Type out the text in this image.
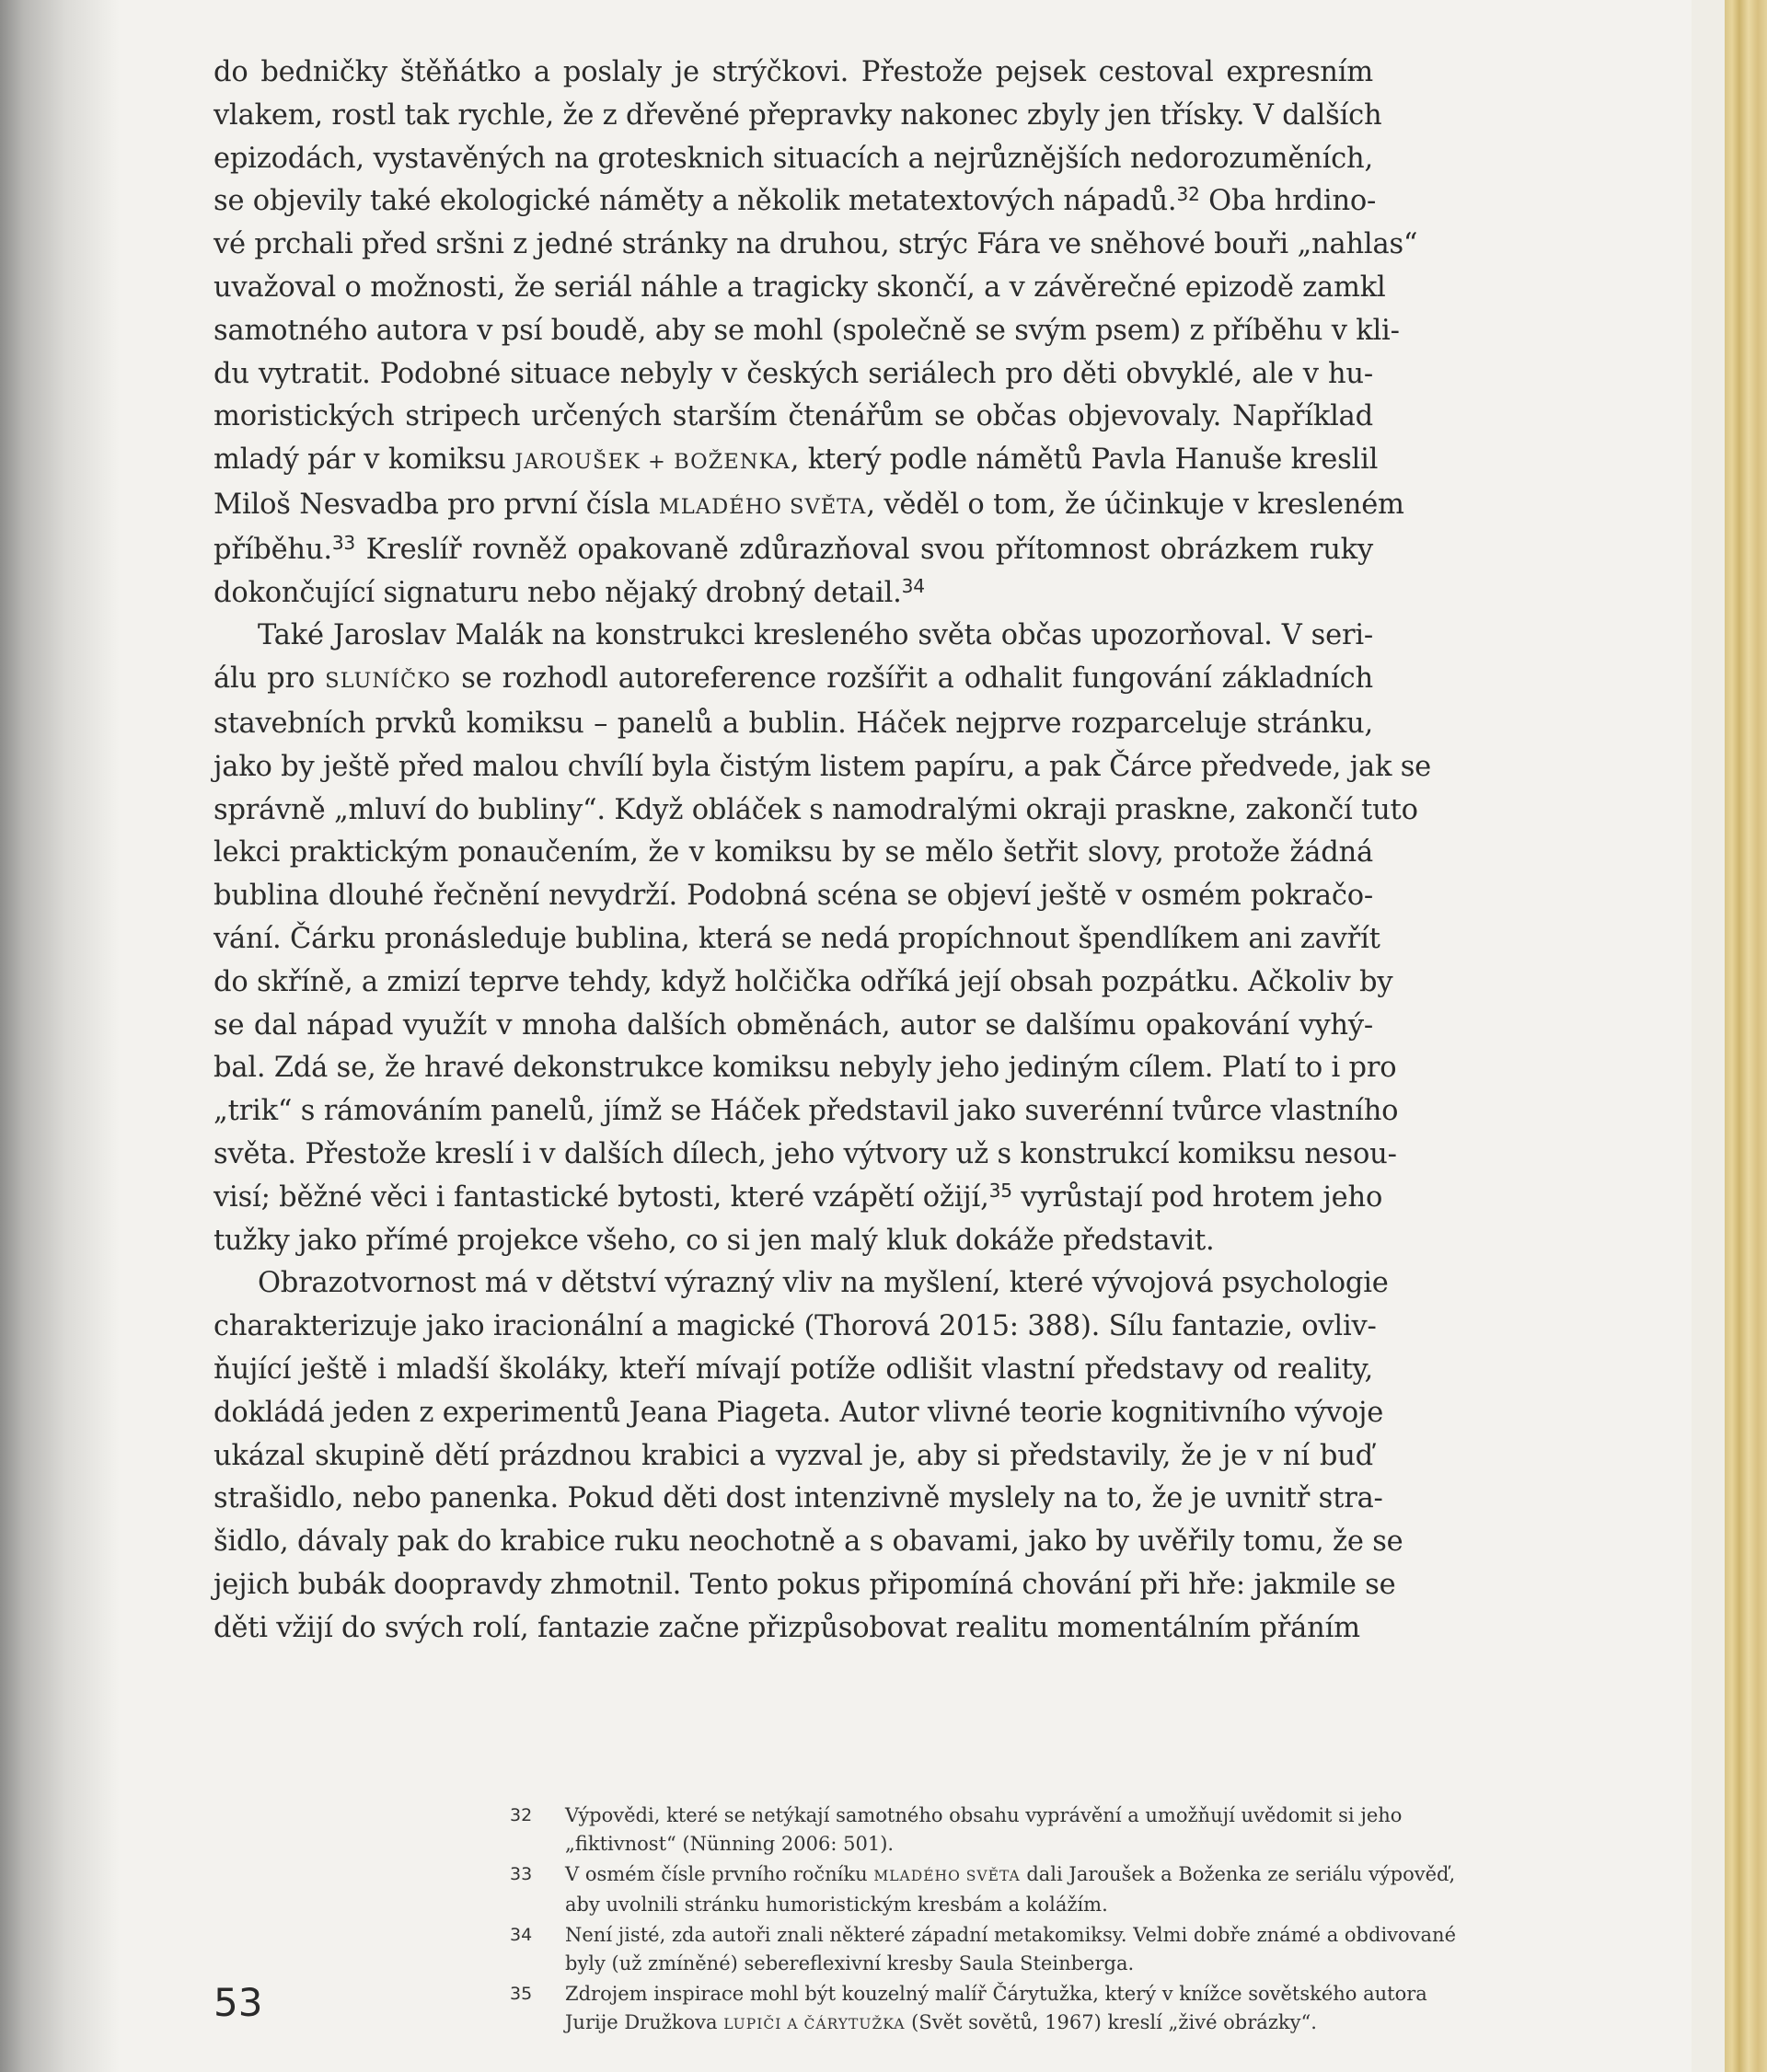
do bedničky štěňátko a poslaly je strýčkovi. Přestože pejsek cestoval expresním
vlakem, rostl tak rychle, že z dřevěné přepravky nakonec zbyly jen třísky. V dalších
epizodách, vystavěných na grotesknich situacích a nejrůznějších nedorozuměních,
se objevily také ekologické náměty a několik metatextových nápadů.$^{32}$ Oba hrdino-
vé prchali před sršni z jedné stránky na druhou, strýc Fára ve sněhové bouři „nahlas“
uvažoval o možnosti, že seriál náhle a tragicky skončí, a v závěrečné epizodě zamkl
samotného autora v psí boudě, aby se mohl (společně se svým psem) z příběhu v kli-
du vytratit. Podobné situace nebyly v českých seriálech pro děti obvyklé, ale v hu-
moristických stripech určených starším čtenářům se občas objevovaly. Například
mladý pár v komiksu JAROUŠEK + BOŽENKA, který podle námětů Pavla Hanuše kreslil
Miloš Nesvadba pro první čísla MLADÉHO SVĚTA, věděl o tom, že účinkuje v kresleném
příběhu.$^{33}$ Kreslíř rovněž opakovaně zdůrazňoval svou přítomnost obrázkem ruky
dokončující signaturu nebo nějaký drobný detail.$^{34}$
Také Jaroslav Malák na konstrukci kresleného světa občas upozorňoval. V seri-
álu pro SLUNÍČKO se rozhodl autoreference rozšířit a odhalit fungování základních
stavebních prvků komiksu – panelů a bublin. Háček nejprve rozparceluje stránku,
jako by ještě před malou chvílí byla čistým listem papíru, a pak Čárce předvede, jak se
správně „mluví do bubliny“. Když obláček s namodralými okraji praskne, zakončí tuto
lekci praktickým ponaučením, že v komiksu by se mělo šetřit slovy, protože žádná
bublina dlouhé řečnění nevydrží. Podobná scéna se objeví ještě v osmém pokračo-
vání. Čárku pronásleduje bublina, která se nedá propíchnout špendlíkem ani zavřít
do skříně, a zmizí teprve tehdy, když holčička odříká její obsah pozpátku. Ačkoliv by
se dal nápad využít v mnoha dalších obměnách, autor se dalšímu opakování vyhý-
bal. Zdá se, že hravé dekonstrukce komiksu nebyly jeho jediným cílem. Platí to i pro
„trik“ s rámováním panelů, jímž se Háček představil jako suverénní tvůrce vlastního
světa. Přestože kreslí i v dalších dílech, jeho výtvory už s konstrukcí komiksu nesou-
visí; běžné věci i fantastické bytosti, které vzápětí ožijí,$^{35}$ vyrůstají pod hrotem jeho
tužky jako přímé projekce všeho, co si jen malý kluk dokáže představit.
Obrazotvornost má v dětství výrazný vliv na myšlení, které vývojová psychologie
charakterizuje jako iracionální a magické (Thorová 2015: 388). Sílu fantazie, ovliv-
ňující ještě i mladší školáky, kteří mívají potíže odlišit vlastní představy od reality,
dokládá jeden z experimentů Jeana Piageta. Autor vlivné teorie kognitivního vývoje
ukázal skupině dětí prázdnou krabici a vyzval je, aby si představily, že je v ní buď
strašidlo, nebo panenka. Pokud děti dost intenzivně myslely na to, že je uvnitř stra-
šidlo, dávaly pak do krabice ruku neochotně a s obavami, jako by uvěřily tomu, že se
jejich bubák doopravdy zhmotnil. Tento pokus připomíná chování při hře: jakmile se
děti vžijí do svých rolí, fantazie začne přizpůsobovat realitu momentálním přáním
32 Výpovědi, které se netýkají samotného obsahu vyprávění a umožňují uvědomit si jeho
„fiktivnost“ (Nünning 2006: 501).
33 V osmém čísle prvního ročníku MLADÉHO SVĚTA dali Jaroušek a Boženka ze seriálu výpověď,
aby uvolnili stránku humoristickým kresbám a kolážím.
34 Není jisté, zda autoři znali některé západní metakomiksy. Velmi dobře známé a obdivované
byly (už zmíněné) sebereflexivní kresby Saula Steinberga.
35 Zdrojem inspirace mohl být kouzelný malíř Čárytužka, který v knížce sovětského autora
Jurije Družkova LUPIČI A ČÁRYTUŽKA (Svět sovětů, 1967) kreslí „živé obrázky“.
53
